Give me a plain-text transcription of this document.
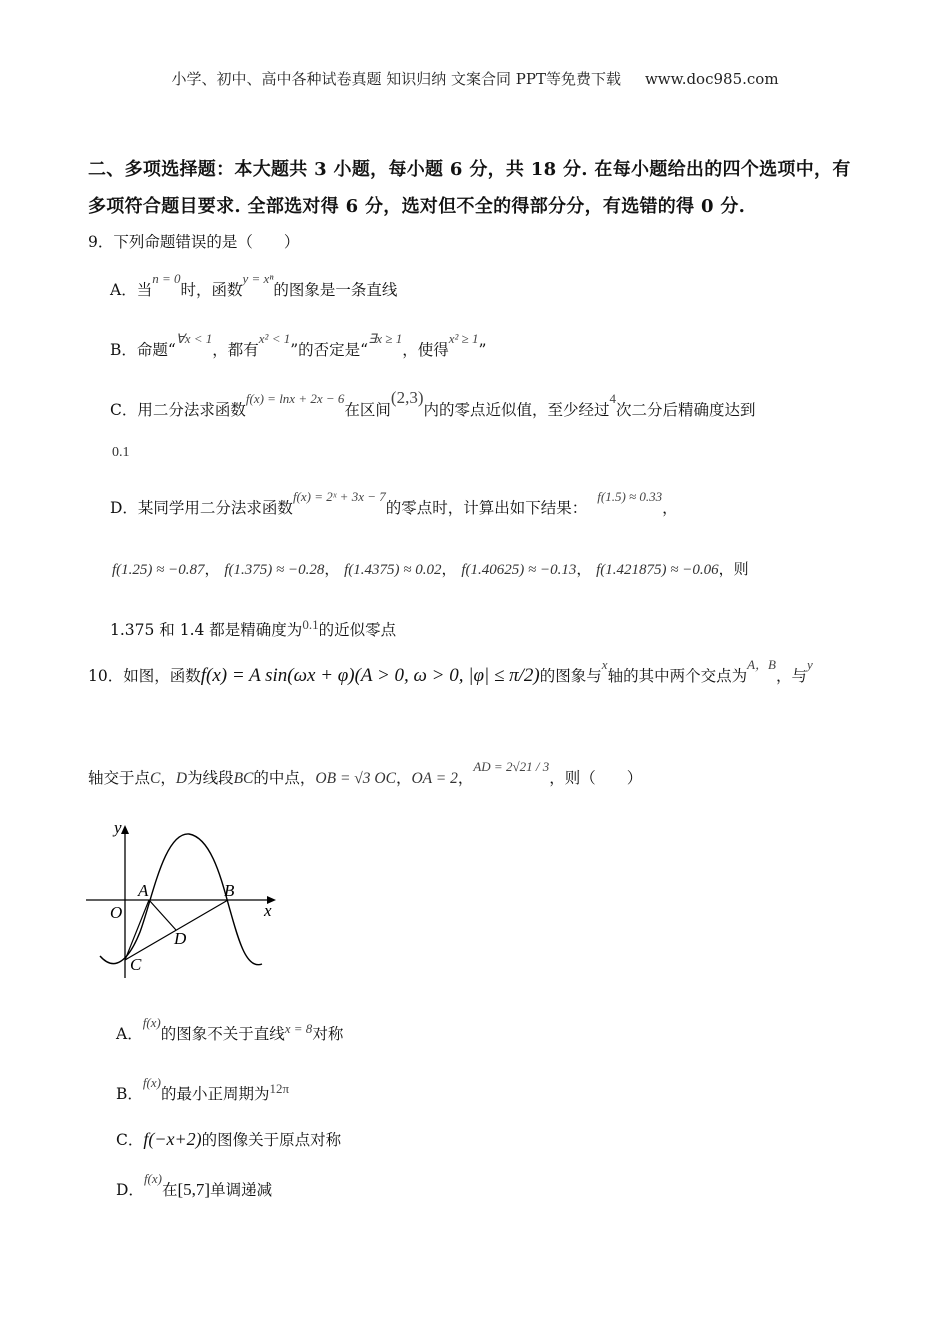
小学、初中、高中各种试卷真题 知识归纳 文案合同 PPT等免费下载 www.doc985.com
二、多项选择题：本大题共 3 小题，每小题 6 分，共 18 分. 在每小题给出的四个选项中，有
多项符合题目要求. 全部选对得 6 分，选对但不全的得部分分，有选错的得 0 分.
9．下列命题错误的是（　　）
A．当$^{n = 0}$时，函数$^{y = x^n}$的图象是一条直线
B．命题“$^{\forall x < 1}$，都有$^{x^2 < 1}$”的否定是“$^{\exists x \ge 1}$，使得$^{x^2 \ge 1}$”
C．用二分法求函数$^{f(x) = lnx + 2x - 6}$在区间(2,3)内的零点近似值，至少经过$^4$次二分后精确度达到
0.1
D．某同学用二分法求函数$^{f(x) = 2ˣ + 3x - 7}$的零点时，计算出如下结果：$^{f(1.5) \approx 0.33}$，
f(1.25) ≈ −0.87， f(1.375) ≈ −0.28， f(1.4375) ≈ 0.02， f(1.40625) ≈ −0.13， f(1.421875) ≈ −0.06，则
1.375 和 1.4 都是精确度为$^{0.1}$的近似零点
10．如图，函数f(x) = A sin(ωx + φ)(A > 0, ω > 0, |φ| ≤ π/2)的图象与$^x$轴的其中两个交点为$^{A,B}$，与$^y$
轴交于点C，D为线段BC的中点，OB = √3 OC，OA = 2，$^{AD = 2√21 / 3}$，则（　　）
y
x
O
A	B
C
D
A．$^{f(x)}$的图象不关于直线$^{x = 8}$对称
B．$^{f(x)}$的最小正周期为$^{12\pi}$
C．f(−x+2)的图像关于原点对称
D．$^{f(x)}$在[5,7]单调递减
